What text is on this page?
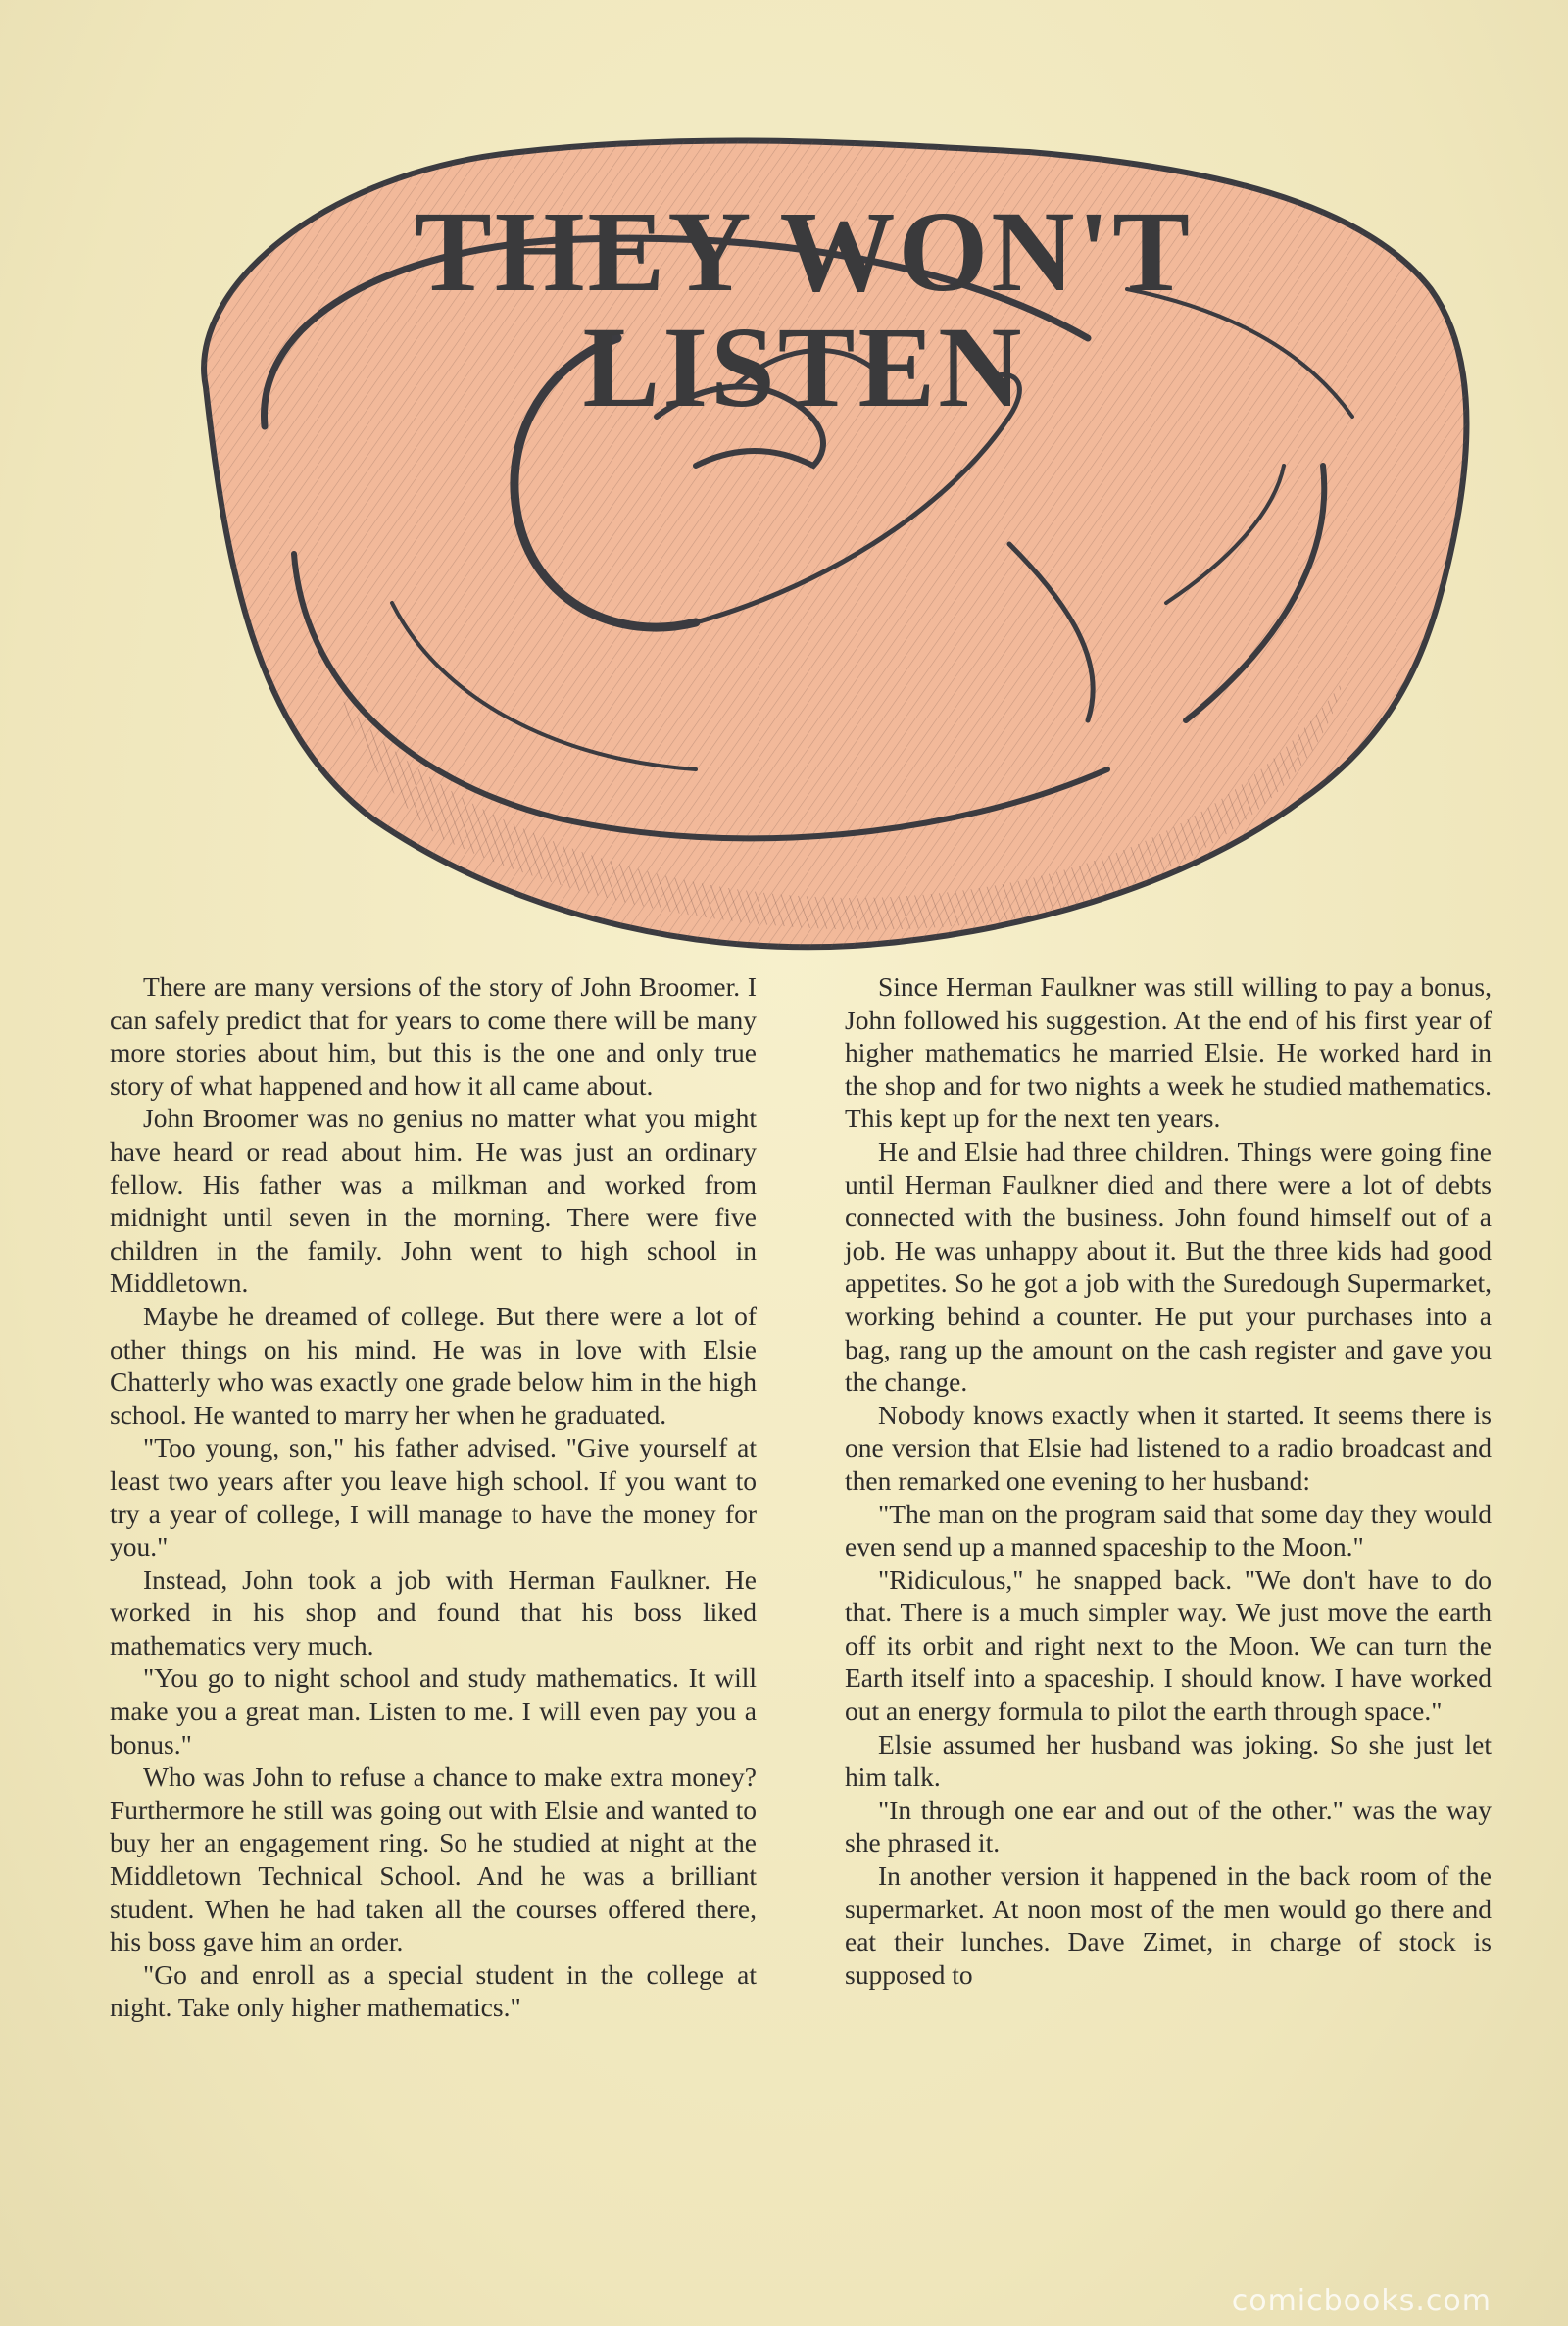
THEY WON'T LISTEN

There are many versions of the story of John Broomer. I can safely predict that for years to come there will be many more stories about him, but this is the one and only true story of what happened and how it all came about.

John Broomer was no genius no matter what you might have heard or read about him. He was just an ordinary fellow. His father was a milkman and worked from midnight until seven in the morning. There were five children in the family. John went to high school in Middletown.

Maybe he dreamed of college. But there were a lot of other things on his mind. He was in love with Elsie Chatterly who was exactly one grade below him in the high school. He wanted to marry her when he graduated.

"Too young, son," his father advised. "Give yourself at least two years after you leave high school. If you want to try a year of college, I will manage to have the money for you."

Instead, John took a job with Herman Faulkner. He worked in his shop and found that his boss liked mathematics very much.

"You go to night school and study mathematics. It will make you a great man. Listen to me. I will even pay you a bonus."

Who was John to refuse a chance to make extra money? Furthermore he still was going out with Elsie and wanted to buy her an engagement ring. So he studied at night at the Middletown Technical School. And he was a brilliant student. When he had taken all the courses offered there, his boss gave him an order.

"Go and enroll as a special student in the college at night. Take only higher mathematics."

Since Herman Faulkner was still willing to pay a bonus, John followed his suggestion. At the end of his first year of higher mathematics he married Elsie. He worked hard in the shop and for two nights a week he studied mathematics. This kept up for the next ten years.

He and Elsie had three children. Things were going fine until Herman Faulkner died and there were a lot of debts connected with the business. John found himself out of a job. He was unhappy about it. But the three kids had good appetites. So he got a job with the Suredough Supermarket, working behind a counter. He put your purchases into a bag, rang up the amount on the cash register and gave you the change.

Nobody knows exactly when it started. It seems there is one version that Elsie had listened to a radio broadcast and then remarked one evening to her husband:

"The man on the program said that some day they would even send up a manned spaceship to the Moon."

"Ridiculous," he snapped back. "We don't have to do that. There is a much simpler way. We just move the earth off its orbit and right next to the Moon. We can turn the Earth itself into a spaceship. I should know. I have worked out an energy formula to pilot the earth through space."

Elsie assumed her husband was joking. So she just let him talk.

"In through one ear and out of the other." was the way she phrased it.

In another version it happened in the back room of the supermarket. At noon most of the men would go there and eat their lunches. Dave Zimet, in charge of stock is supposed to

comicbooks.com
